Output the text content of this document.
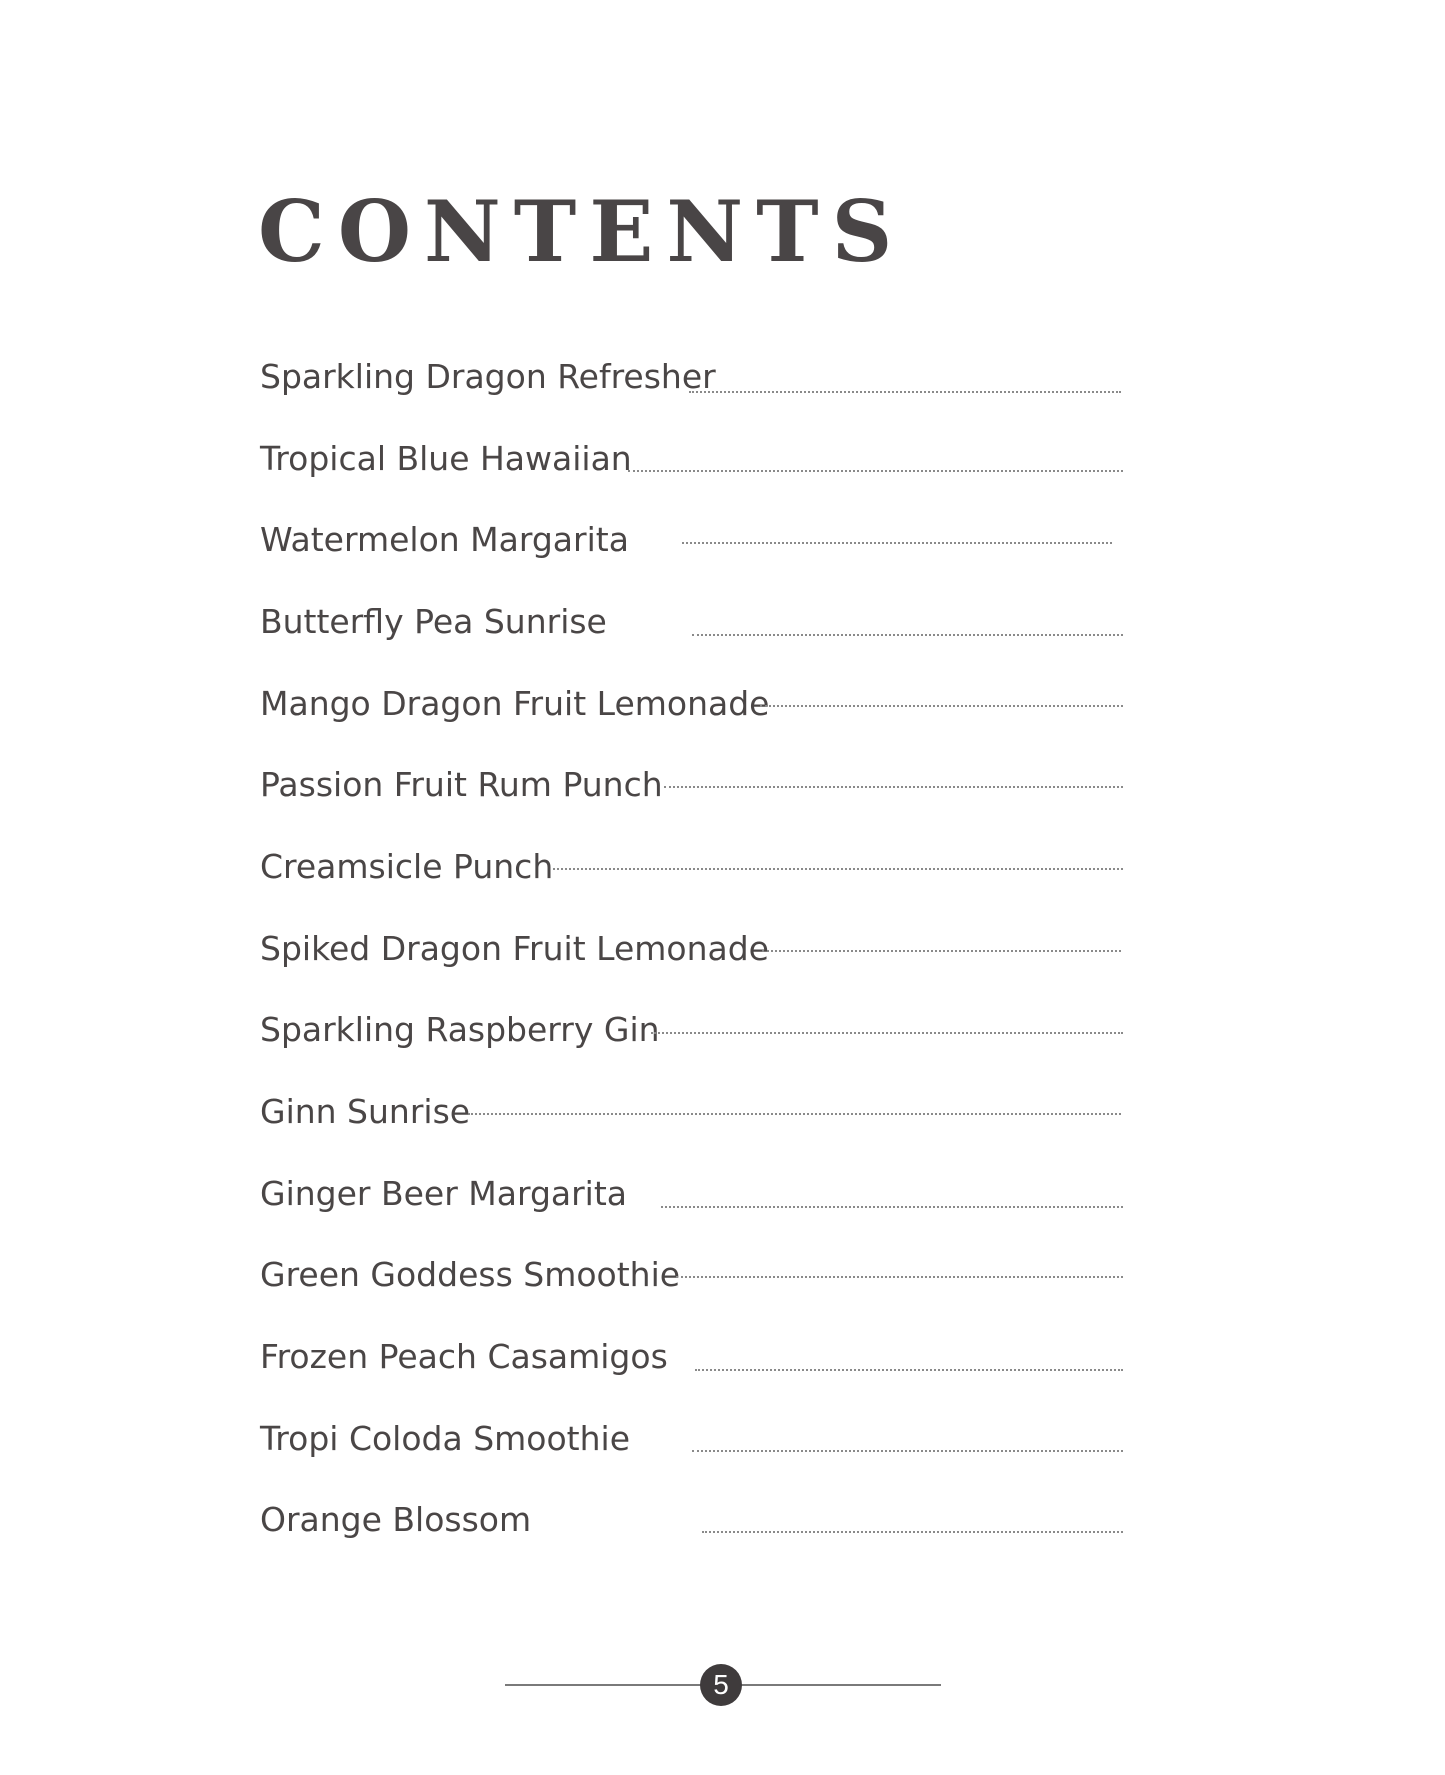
CONTENTS
Sparkling Dragon Refresher
Tropical Blue Hawaiian
Watermelon Margarita
Butterfly Pea Sunrise
Mango Dragon Fruit Lemonade
Passion Fruit Rum Punch
Creamsicle Punch
Spiked Dragon Fruit Lemonade
Sparkling Raspberry Gin
Ginn Sunrise
Ginger Beer Margarita
Green Goddess Smoothie
Frozen Peach Casamigos
Tropi Coloda Smoothie
Orange Blossom
5
